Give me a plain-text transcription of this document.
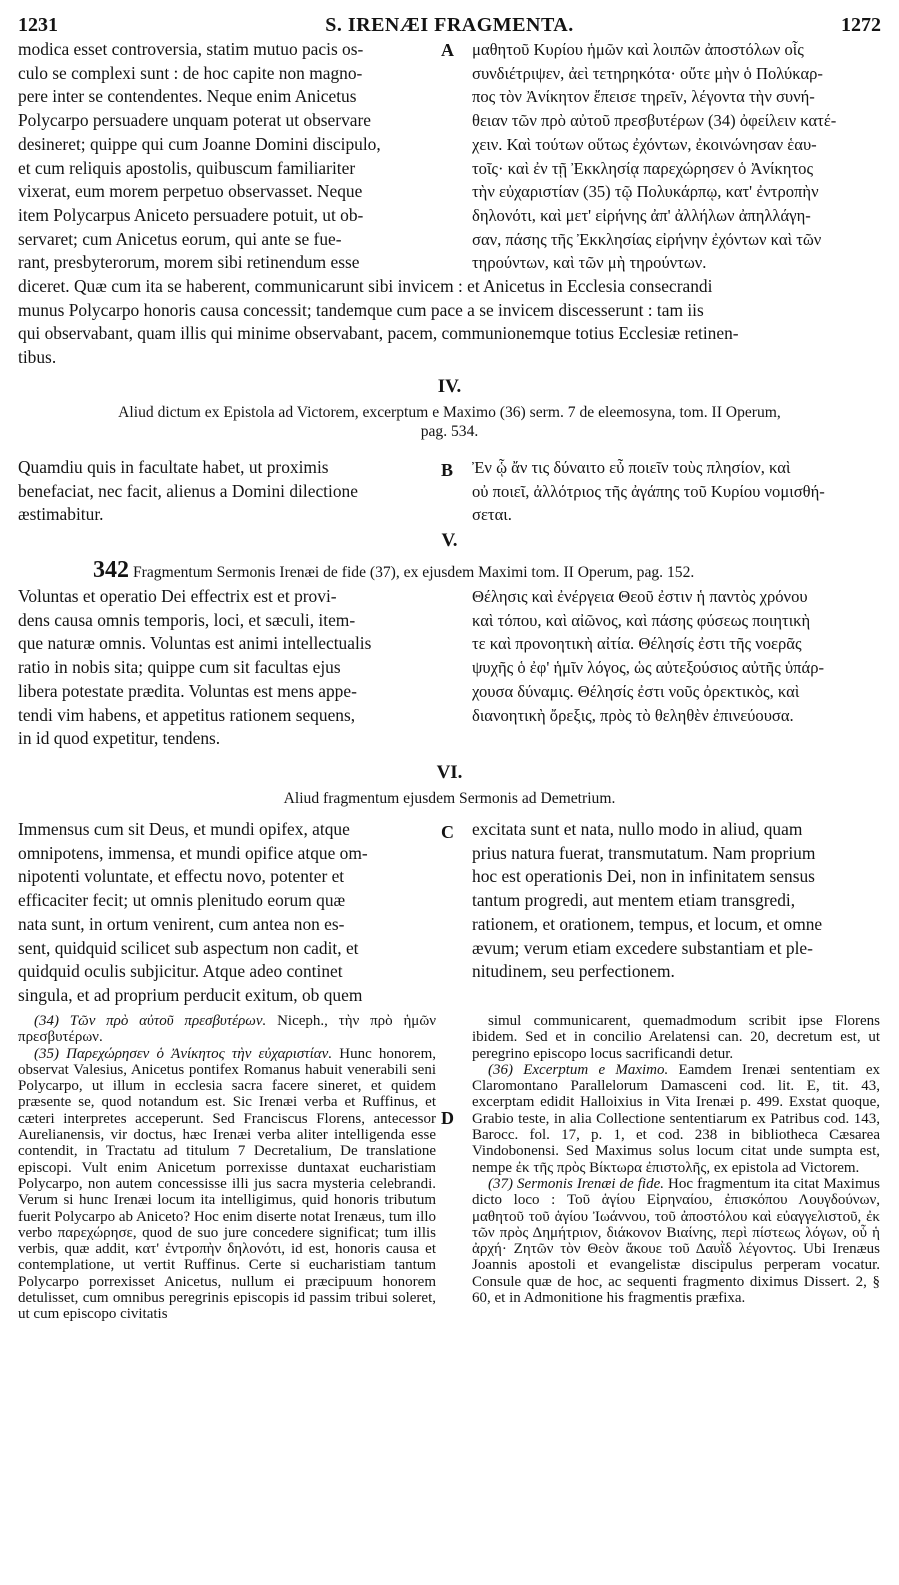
1231	S. IRENÆI FRAGMENTA.	1272

modica esset controversia, statim mutuo pacis os-

culo se complexi sunt : de hoc capite non magno-

pere inter se contendentes. Neque enim Anicetus

Polycarpo persuadere unquam poterat ut observare

desineret; quippe qui cum Joanne Domini discipulo,

et cum reliquis apostolis, quibuscum familiariter

vixerat, eum morem perpetuo observasset. Neque

item Polycarpus Aniceto persuadere potuit, ut ob-

servaret; cum Anicetus eorum, qui ante se fue-

rant, presbyterorum, morem sibi retinendum esse

A μαθητοῦ Κυρίου ἡμῶν καὶ λοιπῶν ἀποστόλων οἷς

συνδιέτριψεν, ἀεὶ τετηρηκότα· οὔτε μὴν ὁ Πολύκαρ-

πος τὸν Ἀνίκητον ἔπεισε τηρεῖν, λέγοντα τὴν συνή-

θειαν τῶν πρὸ αὐτοῦ πρεσβυτέρων (34) ὀφείλειν κατέ-

χειν. Καὶ τούτων οὕτως ἐχόντων, ἐκοινώνησαν ἑαυ-

τοῖς· καὶ ἐν τῇ Ἐκκλησίᾳ παρεχώρησεν ὁ Ἀνίκητος

τὴν εὐχαριστίαν (35) τῷ Πολυκάρπῳ, κατ' ἐντροπὴν

δηλονότι, καὶ μετ' εἰρήνης ἀπ' ἀλλήλων ἀπηλλάγη-

σαν, πάσης τῆς Ἐκκλησίας εἰρήνην ἐχόντων καὶ τῶν

τηρούντων, καὶ τῶν μὴ τηρούντων.

diceret. Quæ cum ita se haberent, communicarunt sibi invicem : et Anicetus in Ecclesia consecrandi

munus Polycarpo honoris causa concessit; tandemque cum pace a se invicem discesserunt : tam iis

qui observabant, quam illis qui minime observabant, pacem, communionemque totius Ecclesiæ retinen-

tibus.

IV.

Aliud dictum ex Epistola ad Victorem, excerptum e Maximo (36) serm. 7 de eleemosyna, tom. II Operum,

pag. 534.

Quamdiu quis in facultate habet, ut proximis

benefaciat, nec facit, alienus a Domini dilectione

æstimabitur.

B Ἐν ᾧ ἄν τις δύναιτο εὖ ποιεῖν τοὺς πλησίον, καὶ

οὐ ποιεῖ, ἀλλότριος τῆς ἀγάπης τοῦ Κυρίου νομισθή-

σεται.

V.
342 Fragmentum Sermonis Irenæi de fide (37), ex ejusdem Maximi tom. II Operum, pag. 152.

Voluntas et operatio Dei effectrix est et provi-

dens causa omnis temporis, loci, et sæculi, item-

que naturæ omnis. Voluntas est animi intellectualis

ratio in nobis sita; quippe cum sit facultas ejus

libera potestate prædita. Voluntas est mens appe-

tendi vim habens, et appetitus rationem sequens,

in id quod expetitur, tendens.

Θέλησις καὶ ἐνέργεια Θεοῦ ἐστιν ἡ παντὸς χρόνου

καὶ τόπου, καὶ αἰῶνος, καὶ πάσης φύσεως ποιητικὴ

τε καὶ προνοητικὴ αἰτία. Θέλησίς ἐστι τῆς νοερᾶς

ψυχῆς ὁ ἐφ' ἡμῖν λόγος, ὡς αὐτεξούσιος αὐτῆς ὑπάρ-

χουσα δύναμις. Θέλησίς ἐστι νοῦς ὀρεκτικὸς, καὶ

διανοητικὴ ὄρεξις, πρὸς τὸ θεληθὲν ἐπινεύουσα.

VI.

Aliud fragmentum ejusdem Sermonis ad Demetrium.

Immensus cum sit Deus, et mundi opifex, atque

omnipotens, immensa, et mundi opifice atque om-

nipotenti voluntate, et effectu novo, potenter et

efficaciter fecit; ut omnis plenitudo eorum quæ

nata sunt, in ortum venirent, cum antea non es-

sent, quidquid scilicet sub aspectum non cadit, et

quidquid oculis subjicitur. Atque adeo continet

singula, et ad proprium perducit exitum, ob quem

C excitata sunt et nata, nullo modo in aliud, quam

prius natura fuerat, transmutatum. Nam proprium

hoc est operationis Dei, non in infinitatem sensus

tantum progredi, aut mentem etiam transgredi,

rationem, et orationem, tempus, et locum, et omne

ævum; verum etiam excedere substantiam et ple-

nitudinem, seu perfectionem.

(34) Τῶν πρὸ αὐτοῦ πρεσβυτέρων. Niceph., τὴν πρὸ ἡμῶν πρεσβυτέρων.

(35) Παρεχώρησεν ὁ Ἀνίκητος τὴν εὐχαριστίαν. Hunc honorem, observat Valesius, Anicetus pontifex Romanus habuit venerabili seni Polycarpo, ut illum in ecclesia sacra facere sineret, et quidem præsente se, quod notandum est. Sic Irenæi verba et Ruffinus, et cæteri interpretes acceperunt. Sed Franciscus Florens, antecessor Aurelianensis, vir doctus, hæc Irenæi verba aliter intelligenda esse contendit, in Tractatu ad titulum 7 Decretalium, De translatione episcopi. Vult enim Anicetum porrexisse duntaxat eucharistiam Polycarpo, non autem concessisse illi jus sacra mysteria celebrandi. Verum si hunc Irenæi locum ita intelligimus, quid honoris tributum fuerit Polycarpo ab Aniceto? Hoc enim diserte notat Irenæus, tum illo verbo παρεχώρησε, quod de suo jure concedere significat; tum illis verbis, quæ addit, κατ' ἐντροπὴν δηλονότι, id est, honoris causa et contemplatione, ut vertit Ruffinus. Certe si eucharistiam tantum Polycarpo porrexisset Anicetus, nullum ei præcipuum honorem detulisset, cum omnibus peregrinis episcopis id passim tribui soleret, ut cum episcopo civitatis

D

simul communicarent, quemadmodum scribit ipse Florens ibidem. Sed et in concilio Arelatensi can. 20, decretum est, ut peregrino episcopo locus sacrificandi detur.

(36) Excerptum e Maximo. Eamdem Irenæi sententiam ex Claromontano Parallelorum Damasceni cod. lit. E, tit. 43, excerptam edidit Halloixius in Vita Irenæi p. 499. Exstat quoque, Grabio teste, in alia Collectione sententiarum ex Patribus cod. 143, Barocc. fol. 17, p. 1, et cod. 238 in bibliotheca Cæsarea Vindobonensi. Sed Maximus solus locum citat unde sumpta est, nempe ἐκ τῆς πρὸς Βίκτωρα ἐπιστολῆς, ex epistola ad Victorem.

(37) Sermonis Irenæi de fide. Hoc fragmentum ita citat Maximus dicto loco : Τοῦ ἁγίου Εἰρηναίου, ἐπισκόπου Λουγδούνων, μαθητοῦ τοῦ ἁγίου Ἰωάννου, τοῦ ἀποστόλου καὶ εὐαγγελιστοῦ, ἐκ τῶν πρὸς Δημήτριον, διάκονον Βιαίνης, περὶ πίστεως λόγων, οὗ ἡ ἀρχή· Ζητῶν τὸν Θεὸν ἄκουε τοῦ Δαυῒδ λέγοντος. Ubi Irenæus Joannis apostoli et evangelistæ discipulus perperam vocatur. Consule quæ de hoc, ac sequenti fragmento diximus Dissert. 2, § 60, et in Admonitione his fragmentis præfixa.
